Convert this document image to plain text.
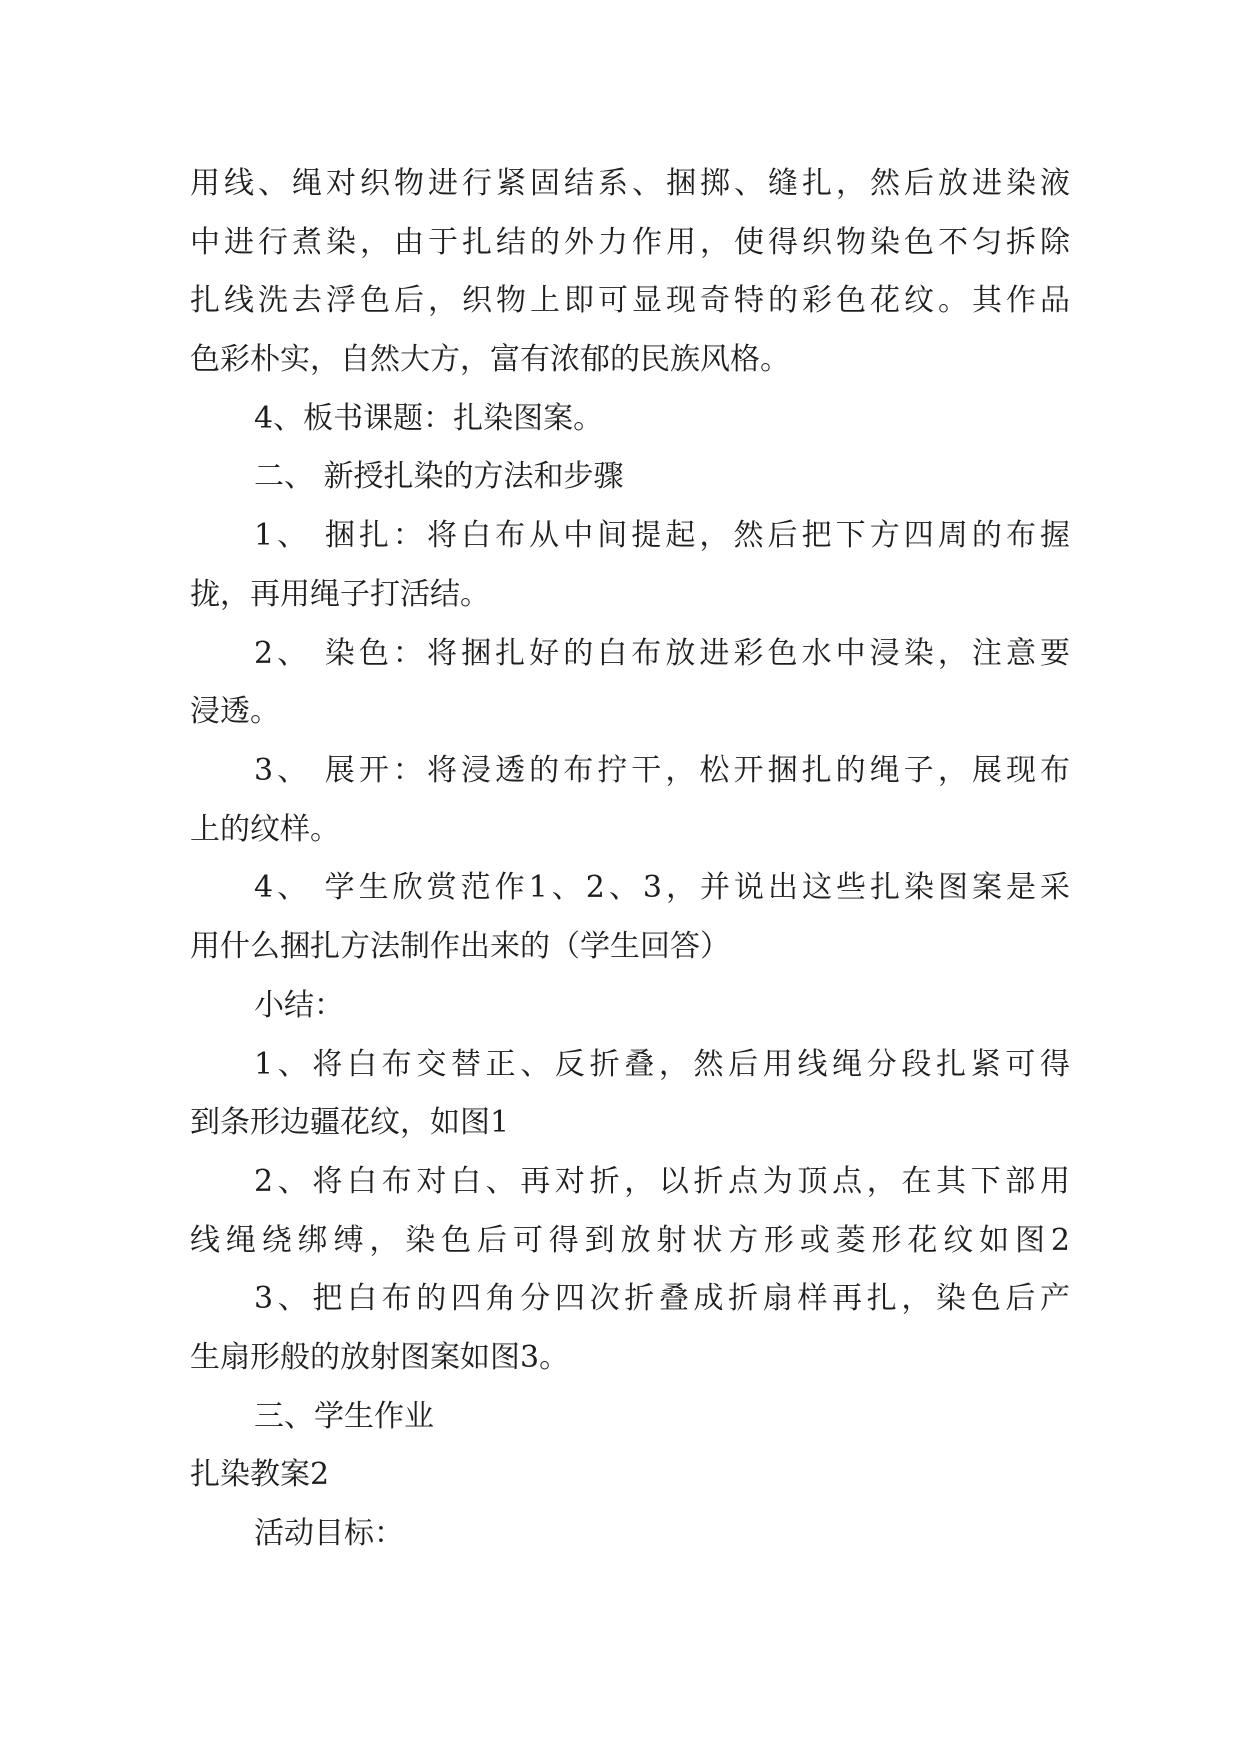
用线、绳对织物进行紧固结系、捆掷、缝扎，然后放进染液

中进行煮染，由于扎结的外力作用，使得织物染色不匀拆除

扎线洗去浮色后，织物上即可显现奇特的彩色花纹。其作品

色彩朴实，自然大方，富有浓郁的民族风格。

4、板书课题：扎染图案。

二、 新授扎染的方法和步骤

1、 捆扎：将白布从中间提起，然后把下方四周的布握

拢，再用绳子打活结。

2、 染色：将捆扎好的白布放进彩色水中浸染，注意要

浸透。

3、 展开：将浸透的布拧干，松开捆扎的绳子，展现布

上的纹样。

4、 学生欣赏范作1、2、3，并说出这些扎染图案是采

用什么捆扎方法制作出来的（学生回答）

小结：

1、将白布交替正、反折叠，然后用线绳分段扎紧可得

到条形边疆花纹，如图1

2、将白布对白、再对折，以折点为顶点，在其下部用

线绳绕绑缚，染色后可得到放射状方形或菱形花纹如图2

3、把白布的四角分四次折叠成折扇样再扎，染色后产

生扇形般的放射图案如图3。

三、学生作业

扎染教案2

活动目标：
